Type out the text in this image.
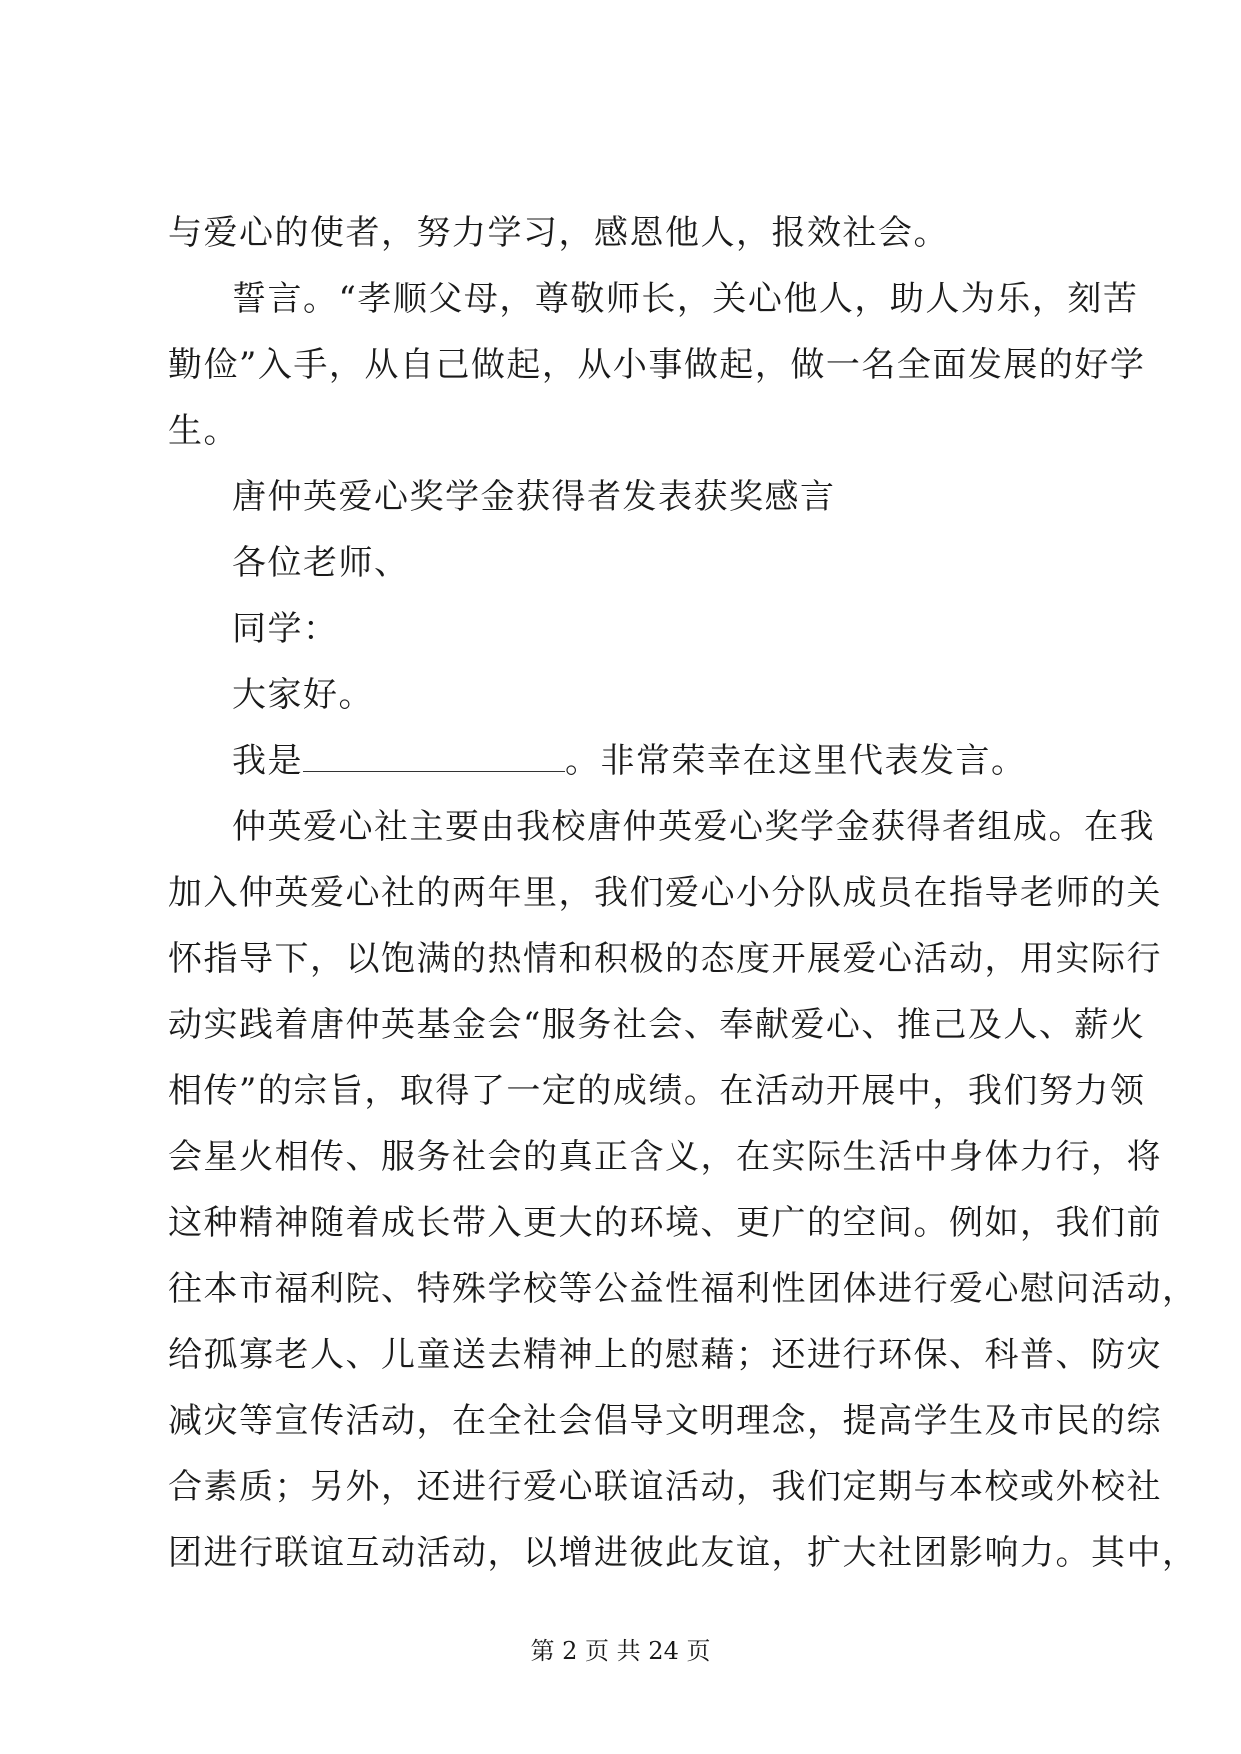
与爱心的使者，努力学习，感恩他人，报效社会。
誓言。“孝顺父母，尊敬师长，关心他人，助人为乐，刻苦
勤俭”入手，从自己做起，从小事做起，做一名全面发展的好学
生。
唐仲英爱心奖学金获得者发表获奖感言
各位老师、
同学：
大家好。
我是	。非常荣幸在这里代表发言。
仲英爱心社主要由我校唐仲英爱心奖学金获得者组成。在我
加入仲英爱心社的两年里，我们爱心小分队成员在指导老师的关
怀指导下，以饱满的热情和积极的态度开展爱心活动，用实际行
动实践着唐仲英基金会“服务社会、奉献爱心、推己及人、薪火
相传”的宗旨，取得了一定的成绩。在活动开展中，我们努力领
会星火相传、服务社会的真正含义，在实际生活中身体力行，将
这种精神随着成长带入更大的环境、更广的空间。例如，我们前
往本市福利院、特殊学校等公益性福利性团体进行爱心慰问活动，
给孤寡老人、儿童送去精神上的慰藉；还进行环保、科普、防灾
减灾等宣传活动，在全社会倡导文明理念，提高学生及市民的综
合素质；另外，还进行爱心联谊活动，我们定期与本校或外校社
团进行联谊互动活动，以增进彼此友谊，扩大社团影响力。其中，
第 2 页 共 24 页
